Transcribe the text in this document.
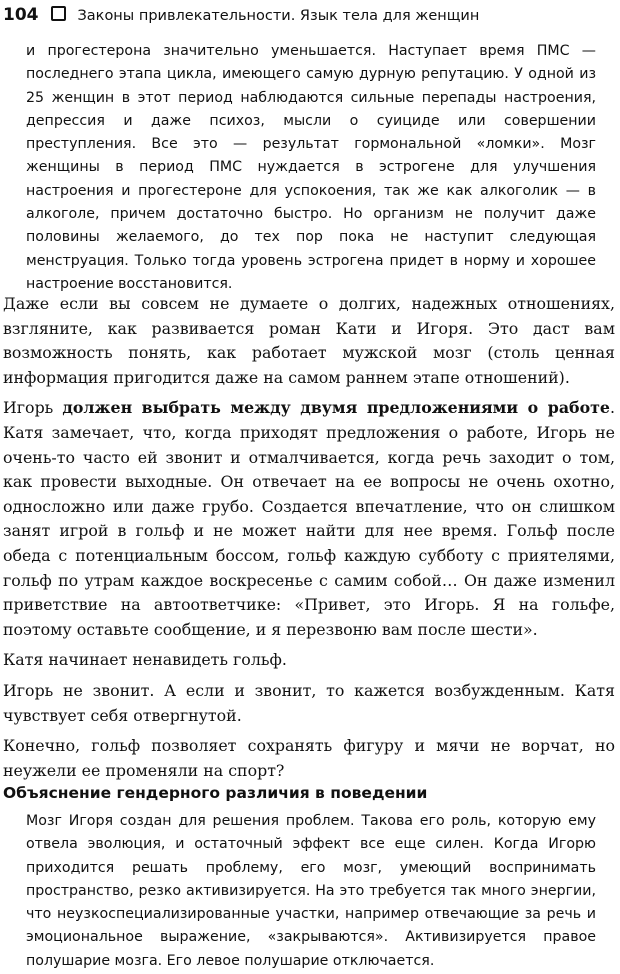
104	Законы привлекательности. Язык тела для женщин

и прогестерона значительно уменьшается. Наступает время ПМС — последнего этапа цикла, имеющего самую дурную репутацию. У одной из 25 женщин в этот период наблюдаются сильные перепады настроения, депрессия и даже психоз, мысли о суициде или совершении преступления. Все это — результат гормональной «ломки». Мозг женщины в период ПМС нуждается в эстрогене для улучшения настроения и прогестероне для успокоения, так же как алкоголик — в алкоголе, причем достаточно быстро. Но организм не получит даже половины желаемого, до тех пор пока не наступит следующая менструация. Только тогда уровень эстрогена придет в норму и хорошее настроение восстановится.

Даже если вы совсем не думаете о долгих, надежных отношениях, взгляните, как развивается роман Кати и Игоря. Это даст вам возможность понять, как работает мужской мозг (столь ценная информация пригодится даже на самом раннем этапе отношений).

Игорь должен выбрать между двумя предложениями о работе. Катя замечает, что, когда приходят предложения о работе, Игорь не очень-то часто ей звонит и отмалчивается, когда речь заходит о том, как провести выходные. Он отвечает на ее вопросы не очень охотно, односложно или даже грубо. Создается впечатление, что он слишком занят игрой в гольф и не может найти для нее время. Гольф после обеда с потенциальным боссом, гольф каждую субботу с приятелями, гольф по утрам каждое воскресенье с самим собой… Он даже изменил приветствие на автоответчике: «Привет, это Игорь. Я на гольфе, поэтому оставьте сообщение, и я перезвоню вам после шести».

Катя начинает ненавидеть гольф.

Игорь не звонит. А если и звонит, то кажется возбужденным. Катя чувствует себя отвергнутой.

Конечно, гольф позволяет сохранять фигуру и мячи не ворчат, но неужели ее променяли на спорт?

Объяснение гендерного различия в поведении

Мозг Игоря создан для решения проблем. Такова его роль, которую ему отвела эволюция, и остаточный эффект все еще силен. Когда Игорю приходится решать проблему, его мозг, умеющий воспринимать пространство, резко активизируется. На это требуется так много энергии, что неузкоспециализированные участки, например отвечающие за речь и эмоциональное выражение, «закрываются». Активизируется правое полушарие мозга. Его левое полушарие отключается.
